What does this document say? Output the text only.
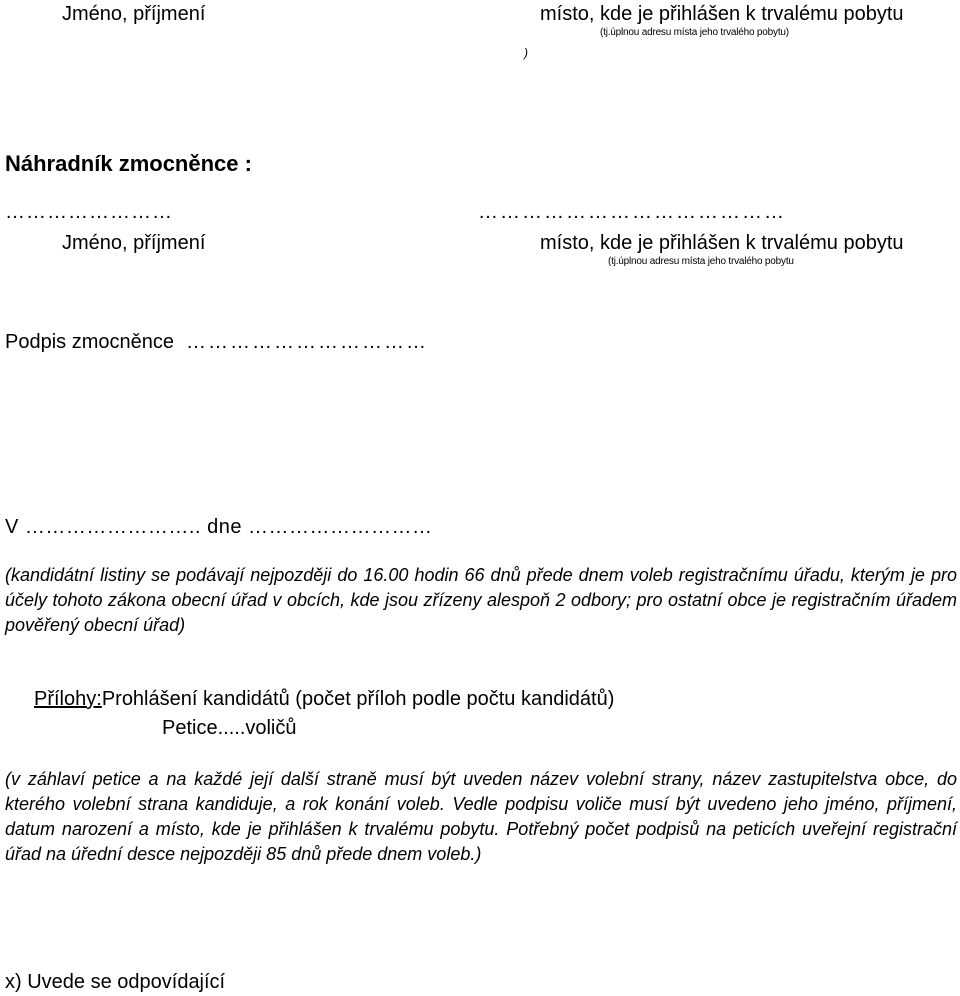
Jméno, příjmení	místo, kde je přihlášen k trvalému pobytu
(tj.úplnou adresu místa jeho trvalého pobytu)
)
Náhradník zmocněnce :
……………………	……………………………………
Jméno, příjmení	místo, kde je přihlášen k trvalému pobytu
(tj.úplnou adresu místa jeho trvalého pobytu
Podpis zmocněnce ……………………………
V …………………….. dne ………………………
(kandidátní listiny se podávají nejpozději do 16.00 hodin 66 dnů přede dnem voleb registračnímu úřadu, kterým je pro účely tohoto zákona obecní úřad v obcích, kde jsou zřízeny alespoň 2 odbory; pro ostatní obce je registračním úřadem pověřený obecní úřad)
Přílohy:Prohlášení kandidátů (počet příloh podle počtu kandidátů)
Petice.....voličů
(v záhlaví petice a na každé její další straně musí být uveden název volební strany, název zastupitelstva obce, do kterého volební strana kandiduje, a rok konání voleb. Vedle podpisu voliče musí být uvedeno jeho jméno, příjmení, datum narození a místo, kde je přihlášen k trvalému pobytu. Potřebný počet podpisů na peticích uveřejní registrační úřad na úřední desce nejpozději 85 dnů přede dnem voleb.)
x) Uvede se odpovídající
